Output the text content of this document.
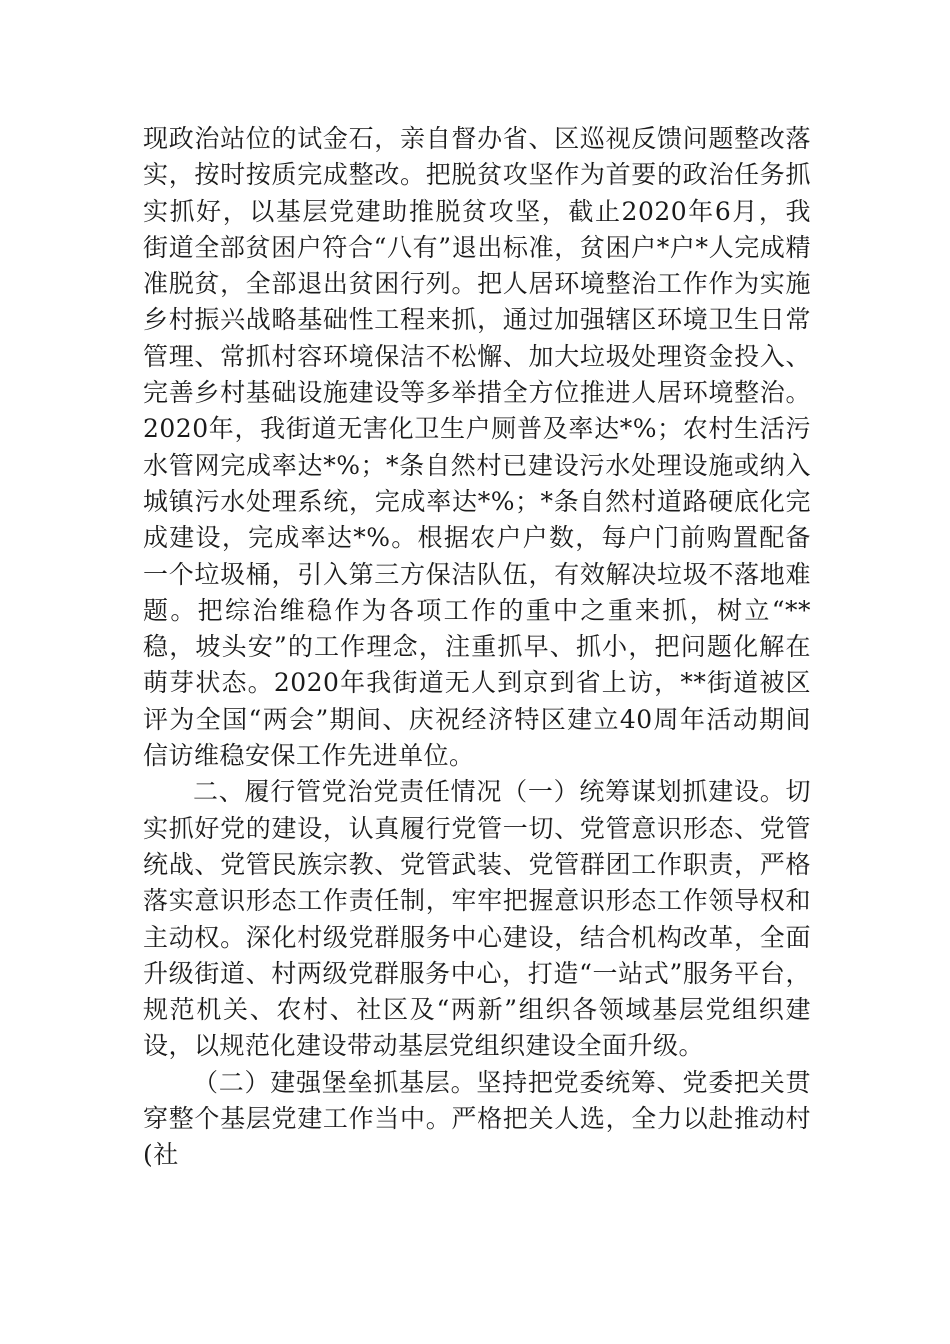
现政治站位的试金石，亲自督办省、区巡视反馈问题整改落实，按时按质完成整改。把脱贫攻坚作为首要的政治任务抓实抓好，以基层党建助推脱贫攻坚，截止2020年6月，我街道全部贫困户符合“八有”退出标准，贫困户*户*人完成精准脱贫，全部退出贫困行列。把人居环境整治工作作为实施乡村振兴战略基础性工程来抓，通过加强辖区环境卫生日常管理、常抓村容环境保洁不松懈、加大垃圾处理资金投入、完善乡村基础设施建设等多举措全方位推进人居环境整治。2020年，我街道无害化卫生户厕普及率达*%；农村生活污水管网完成率达*%；*条自然村已建设污水处理设施或纳入城镇污水处理系统，完成率达*%；*条自然村道路硬底化完成建设，完成率达*%。根据农户户数，每户门前购置配备一个垃圾桶，引入第三方保洁队伍，有效解决垃圾不落地难题。把综治维稳作为各项工作的重中之重来抓，树立“**稳，坡头安”的工作理念，注重抓早、抓小，把问题化解在萌芽状态。2020年我街道无人到京到省上访，**街道被区评为全国“两会”期间、庆祝经济特区建立40周年活动期间信访维稳安保工作先进单位。

二、履行管党治党责任情况（一）统筹谋划抓建设。切实抓好党的建设，认真履行党管一切、党管意识形态、党管统战、党管民族宗教、党管武装、党管群团工作职责，严格落实意识形态工作责任制，牢牢把握意识形态工作领导权和主动权。深化村级党群服务中心建设，结合机构改革，全面升级街道、村两级党群服务中心，打造“一站式”服务平台，规范机关、农村、社区及“两新”组织各领域基层党组织建设，以规范化建设带动基层党组织建设全面升级。

（二）建强堡垒抓基层。坚持把党委统筹、党委把关贯穿整个基层党建工作当中。严格把关人选，全力以赴推动村(社
